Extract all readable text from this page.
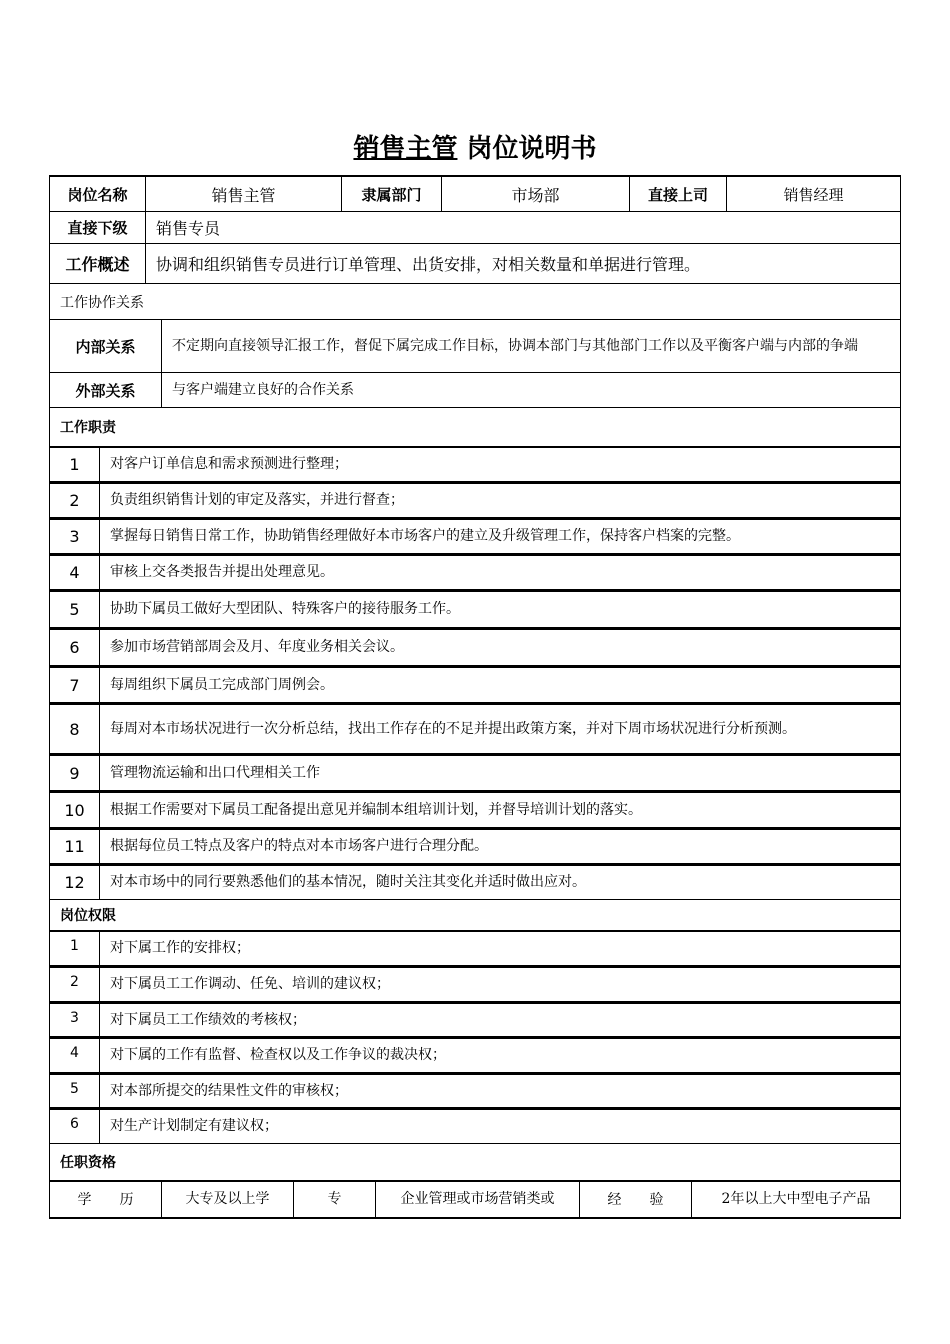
销售主管 岗位说明书
岗位名称	销售主管	隶属部门	市场部	直接上司	销售经理
直接下级	销售专员
工作概述	协调和组织销售专员进行订单管理、出货安排，对相关数量和单据进行管理。
工作协作关系
内部关系	不定期向直接领导汇报工作，督促下属完成工作目标，协调本部门与其他部门工作以及平衡客户端与内部的争端
外部关系	与客户端建立良好的合作关系
工作职责
1	对客户订单信息和需求预测进行整理；
2	负责组织销售计划的审定及落实，并进行督查；
3	掌握每日销售日常工作，协助销售经理做好本市场客户的建立及升级管理工作，保持客户档案的完整。
4	审核上交各类报告并提出处理意见。
5	协助下属员工做好大型团队、特殊客户的接待服务工作。
6	参加市场营销部周会及月、年度业务相关会议。
7	每周组织下属员工完成部门周例会。
8	每周对本市场状况进行一次分析总结，找出工作存在的不足并提出政策方案，并对下周市场状况进行分析预测。
9	管理物流运输和出口代理相关工作
10	根据工作需要对下属员工配备提出意见并编制本组培训计划，并督导培训计划的落实。
11	根据每位员工特点及客户的特点对本市场客户进行合理分配。
12	对本市场中的同行要熟悉他们的基本情况，随时关注其变化并适时做出应对。
岗位权限
1	对下属工作的安排权；
2	对下属员工工作调动、任免、培训的建议权；
3	对下属员工工作绩效的考核权；
4	对下属的工作有监督、检查权以及工作争议的裁决权；
5	对本部所提交的结果性文件的审核权；
6	对生产计划制定有建议权；
任职资格
学　　历	大专及以上学	专	企业管理或市场营销类或	经　　验	2年以上大中型电子产品
